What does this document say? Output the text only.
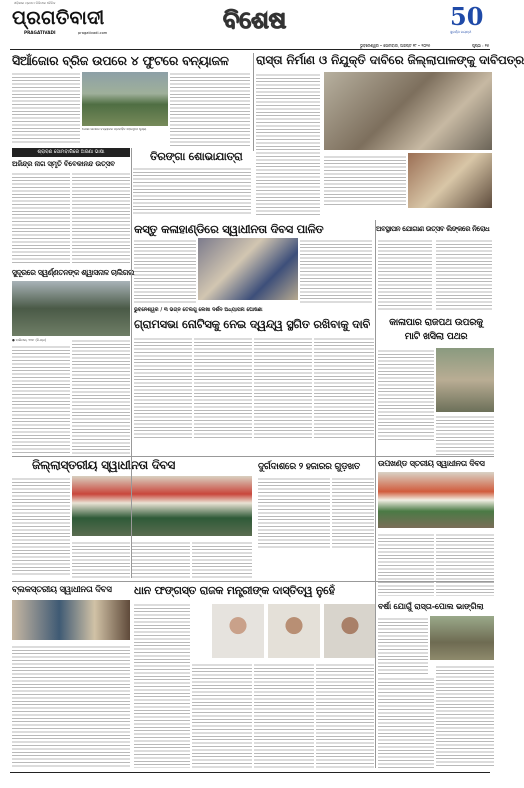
ଓଡ଼ିଶାର ପ୍ରଥମ ଡିଜିଟାଲ ଦୈନିକ
ପ୍ରଗତିବାଦୀ
PRAGATIVADI	pragativadi.com	ବିଶେଷ	50
ସୁବର୍ଣ୍ଣ ଜୟନ୍ତୀ
ଭୁବନେଶ୍ୱର • ସୋମବାର, ଅଗଷ୍ଟ ୧୮ • ୨୦୨୫	ପୃଷ୍ଠା : ୧୫
ସିଆଁଜୋର ବ୍ରିଜ ଉପରେ ୪ ଫୁଟରେ ବନ୍ୟାଜଳ	ରାସ୍ତା ନିର୍ମାଣ ଓ ନିଯୁକ୍ତି ଦାବିରେ ଜିଲ୍ଲାପାଳଙ୍କୁ ଦାବିପତ୍ର
ପୋଲ ଉପରେ ବନ୍ୟାଜଳ ପ୍ରବାହିତ ହେଉଥିବା ଦୃଶ୍ୟ
ଶ୍ରାବଣ ସୋମବାରିରେ ଅଜଣା ଭାଷା
ଅଜିନ୍ଦ୍ର ନାଗ ସ୍ମୃତି ବିବେକାନନ୍ଦ ଉତ୍ସବ
ତିରଙ୍ଗା ଶୋଭାଯାତ୍ରା
କସ୍ତୁ କଳାହାଣ୍ଡିରେ ସ୍ୱାଧୀନତା ଦିବସ ପାଳିତ	ଅବସ୍ଥାପନ ଯୋଗାଣ ଉତ୍ସବ ଲିଙ୍କରେ ନିରୋଧ
ସୁଦୂରରେ ସ୍ୱର୍ଣ୍ଣତନଙ୍କ ଶ୍ୱାସନାଳ ଚାଲିଗଲ
● ବାରିପଦା, ୧୭ା୮ (ନି.ପ୍ର)
ଭୁବନେଶ୍ୱର / ୩ ଭଗ୍ନ ତେଲଗୁ ଲେଖା ଦର୍ଶନ ଅଧ୍ୟାପନା ଘୋଷଣା
ଗ୍ରାମସଭା ନୋଟିସକୁ ନେଇ ଦ୍ୱନ୍ଦ୍ୱ ସ୍ଥଗିତ ରଖିବାକୁ ଦାବି	କାଳାପାର ରାଜପଥ ଉପରକୁ
ମାଟି ଖସିଲା ପଥର
ଜିଲ୍ଲାସ୍ତରୀୟ ସ୍ୱାଧୀନତା ଦିବସ	ଦୁର୍ଗଦାଶରେ ୨ ହଜାରର ଗୁଡ଼ଖତ	ଉପଖଣ୍ଡ ସ୍ତରୀୟ ସ୍ୱାଧୀନତା ଦିବସ
ବ୍ଲକସ୍ତରୀୟ ସ୍ୱାଧୀନତା ଦିବସ	ଧାନ ଫଙ୍ଗସ୍ତ ରାଜକ ମନ୍ତ୍ରୀଙ୍କ ଦାସ୍ତିତ୍ୱ ନୁହେଁ
ବର୍ଷା ଯୋଗୁଁ ରାସ୍ତା-ପୋଲ ଭାଙ୍ଗିଲା
